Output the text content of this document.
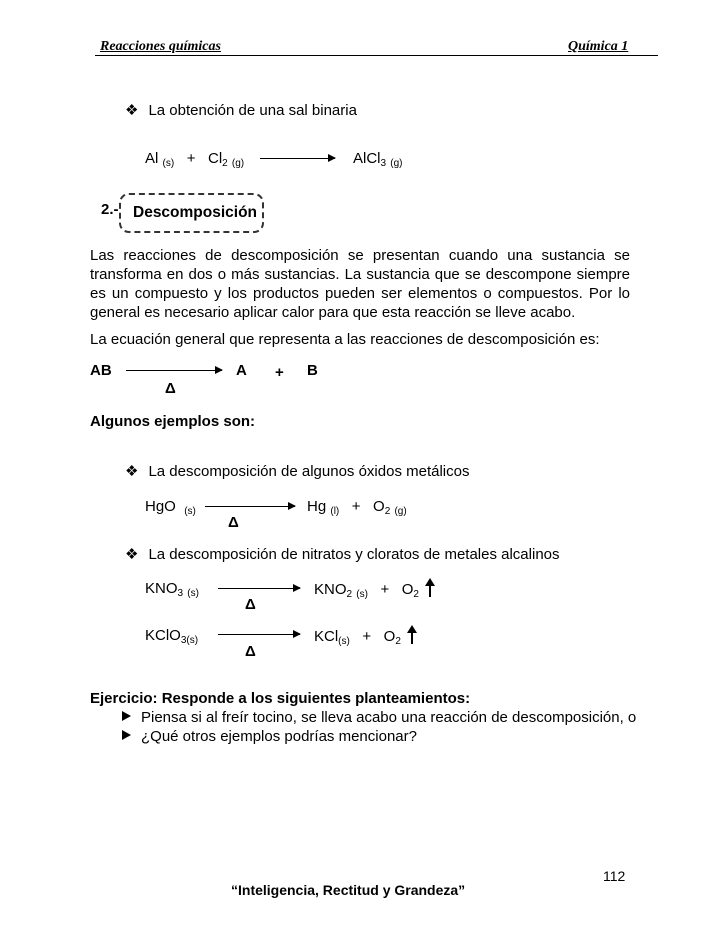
Reacciones químicas	Química 1
❖ La obtención de una sal binaria
Al $_{(s)} + Cl_2$ $_{(g)}$	AlCl$_3$ $_{(g)}$
2.- Descomposición
Las reacciones de descomposición se presentan cuando una sustancia se transforma en dos o más sustancias. La sustancia que se descompone siempre es un compuesto y los productos pueden ser elementos o compuestos. Por lo general es necesario aplicar calor para que esta reacción se lleve acabo.
La ecuación general que representa a las reacciones de descomposición es:
AB	A + B
Δ
Algunos ejemplos son:
❖ La descomposición de algunos óxidos metálicos
HgO $_{(s)}$
Δ
Hg $_{(l)} + O_2$ $_{(g)}$
❖ La descomposición de nitratos y cloratos de metales alcalinos
$KNO_3$ $_{(s)}$
Δ
$KNO_2$ $_{(s)} + O_2$
KClO$_{3(s)}$
Δ
$KCl_{(s)} + O_2$
Ejercicio: Responde a los siguientes planteamientos:
Piensa si al freír tocino, se lleva acabo una reacción de descomposición, o
¿Qué otros ejemplos podrías mencionar?
112
“Inteligencia, Rectitud y Grandeza”
